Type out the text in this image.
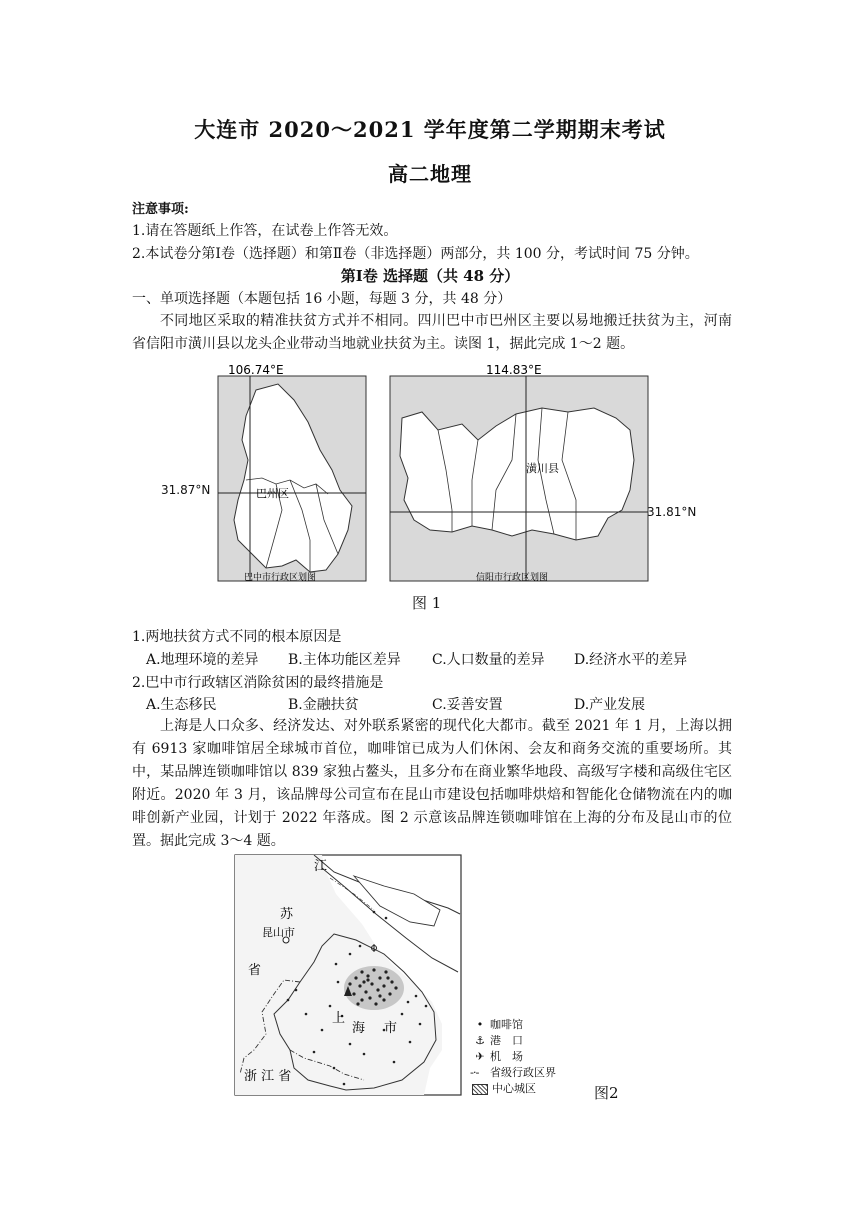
大连市 2020～2021 学年度第二学期期末考试
高二地理
注意事项:
1.请在答题纸上作答，在试卷上作答无效。
2.本试卷分第Ⅰ卷（选择题）和第Ⅱ卷（非选择题）两部分，共 100 分，考试时间 75 分钟。
第Ⅰ卷 选择题（共 48 分）
一、单项选择题（本题包括 16 小题，每题 3 分，共 48 分）
不同地区采取的精准扶贫方式并不相同。四川巴中市巴州区主要以易地搬迁扶贫为主，河南省信阳市潢川县以龙头企业带动当地就业扶贫为主。读图 1，据此完成 1～2 题。
106.74°E
巴州区
巴中市行政区划图
114.83°E
潢川县
信阳市行政区划图
31.87°N
31.81°N
图 1
1.两地扶贫方式不同的根本原因是
A.地理环境的差异 B.主体功能区差异 C.人口数量的差异 D.经济水平的差异
2.巴中市行政辖区消除贫困的最终措施是
A.生态移民	B.金融扶贫	C.妥善安置	D.产业发展
上海是人口众多、经济发达、对外联系紧密的现代化大都市。截至 2021 年 1 月，上海以拥有 6913 家咖啡馆居全球城市首位，咖啡馆已成为人们休闲、会友和商务交流的重要场所。其中，某品牌连锁咖啡馆以 839 家独占鳌头，且多分布在商业繁华地段、高级写字楼和高级住宅区附近。2020 年 3 月，该品牌母公司宣布在昆山市建设包括咖啡烘焙和智能化仓储物流在内的咖啡创新产业园，计划于 2022 年落成。图 2 示意该品牌连锁咖啡馆在上海的分布及昆山市的位置。据此完成 3～4 题。
江
苏
省
昆山市
上
海 市
浙 江 省
• 咖啡馆
⚓ 港　口
✈ 机　场
-·- 省级行政区界
中心城区	图2
